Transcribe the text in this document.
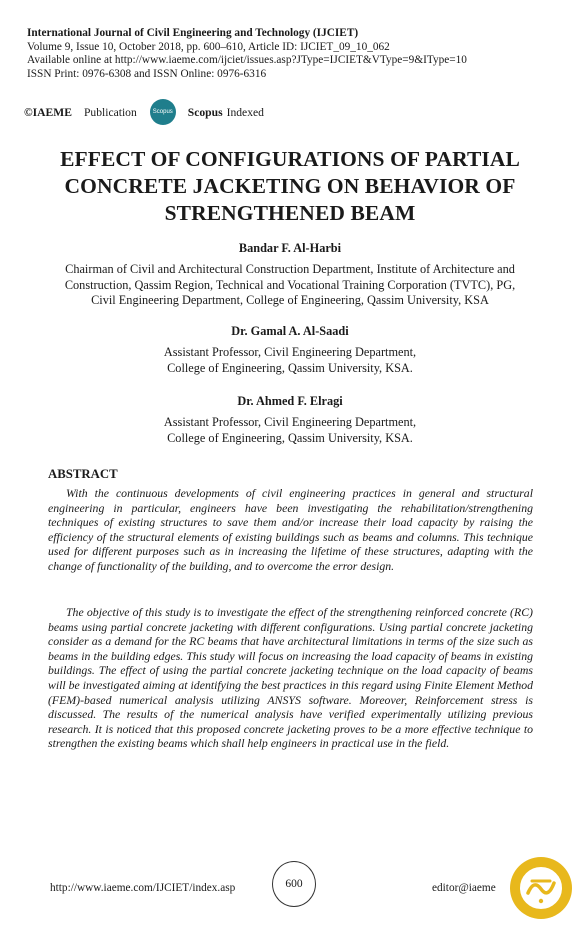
International Journal of Civil Engineering and Technology (IJCIET)
Volume 9, Issue 10, October 2018, pp. 600–610, Article ID: IJCIET_09_10_062
Available online at http://www.iaeme.com/ijciet/issues.asp?JType=IJCIET&VType=9&IType=10
ISSN Print: 0976-6308 and ISSN Online: 0976-6316
©IAEME Publication	Scopus Scopus Indexed
EFFECT OF CONFIGURATIONS OF PARTIAL
CONCRETE JACKETING ON BEHAVIOR OF
STRENGTHENED BEAM
Bandar F. Al-Harbi
Chairman of Civil and Architectural Construction Department, Institute of Architecture and
Construction, Qassim Region, Technical and Vocational Training Corporation (TVTC), PG,
Civil Engineering Department, College of Engineering, Qassim University, KSA
Dr. Gamal A. Al-Saadi
Assistant Professor, Civil Engineering Department,
College of Engineering, Qassim University, KSA.
Dr. Ahmed F. Elragi
Assistant Professor, Civil Engineering Department,
College of Engineering, Qassim University, KSA.
ABSTRACT

With the continuous developments of civil engineering practices in general and structural engineering in particular, engineers have been investigating the rehabilitation/strengthening techniques of existing structures to save them and/or increase their load capacity by raising the efficiency of the structural elements of existing buildings such as beams and columns. This technique used for different purposes such as in increasing the lifetime of these structures, adapting with the change of functionality of the building, and to overcome the error design.

The objective of this study is to investigate the effect of the strengthening reinforced concrete (RC) beams using partial concrete jacketing with different configurations. Using partial concrete jacketing consider as a demand for the RC beams that have architectural limitations in terms of the size such as beams in the building edges. This study will focus on increasing the load capacity of beams in existing buildings. The effect of using the partial concrete jacketing technique on the load capacity of beams will be investigated aiming at identifying the best practices in this regard using Finite Element Method (FEM)-based numerical analysis utilizing ANSYS software. Moreover, Reinforcement stress is discussed. The results of the numerical analysis have verified experimentally utilizing previous research. It is noticed that this proposed concrete jacketing proves to be a more effective technique to strengthen the existing beams which shall help engineers in practical use in the field.

http://www.iaeme.com/IJCIET/index.asp	600	editor@iaeme
